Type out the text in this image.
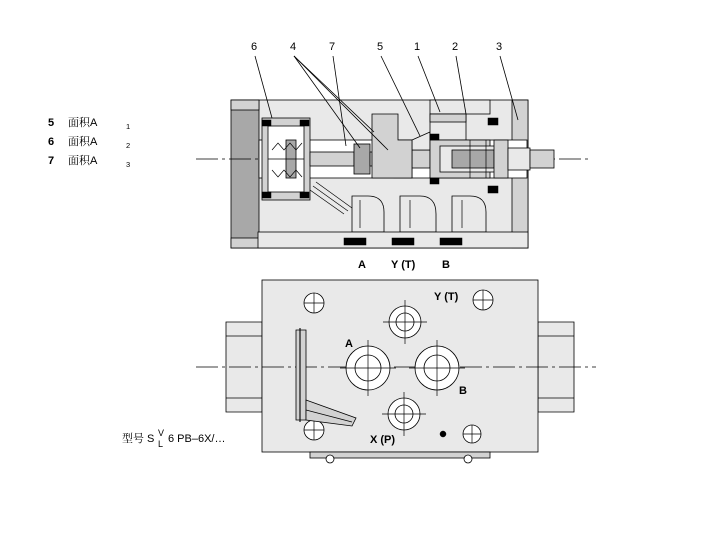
6	4	7	5	1	2	3
A Y (T) B
5 面积A	1
6 面积A	2
7 面积A	3
Y (T)
A
B
X (P)
型号 S V
L 6 PB–6X/…
